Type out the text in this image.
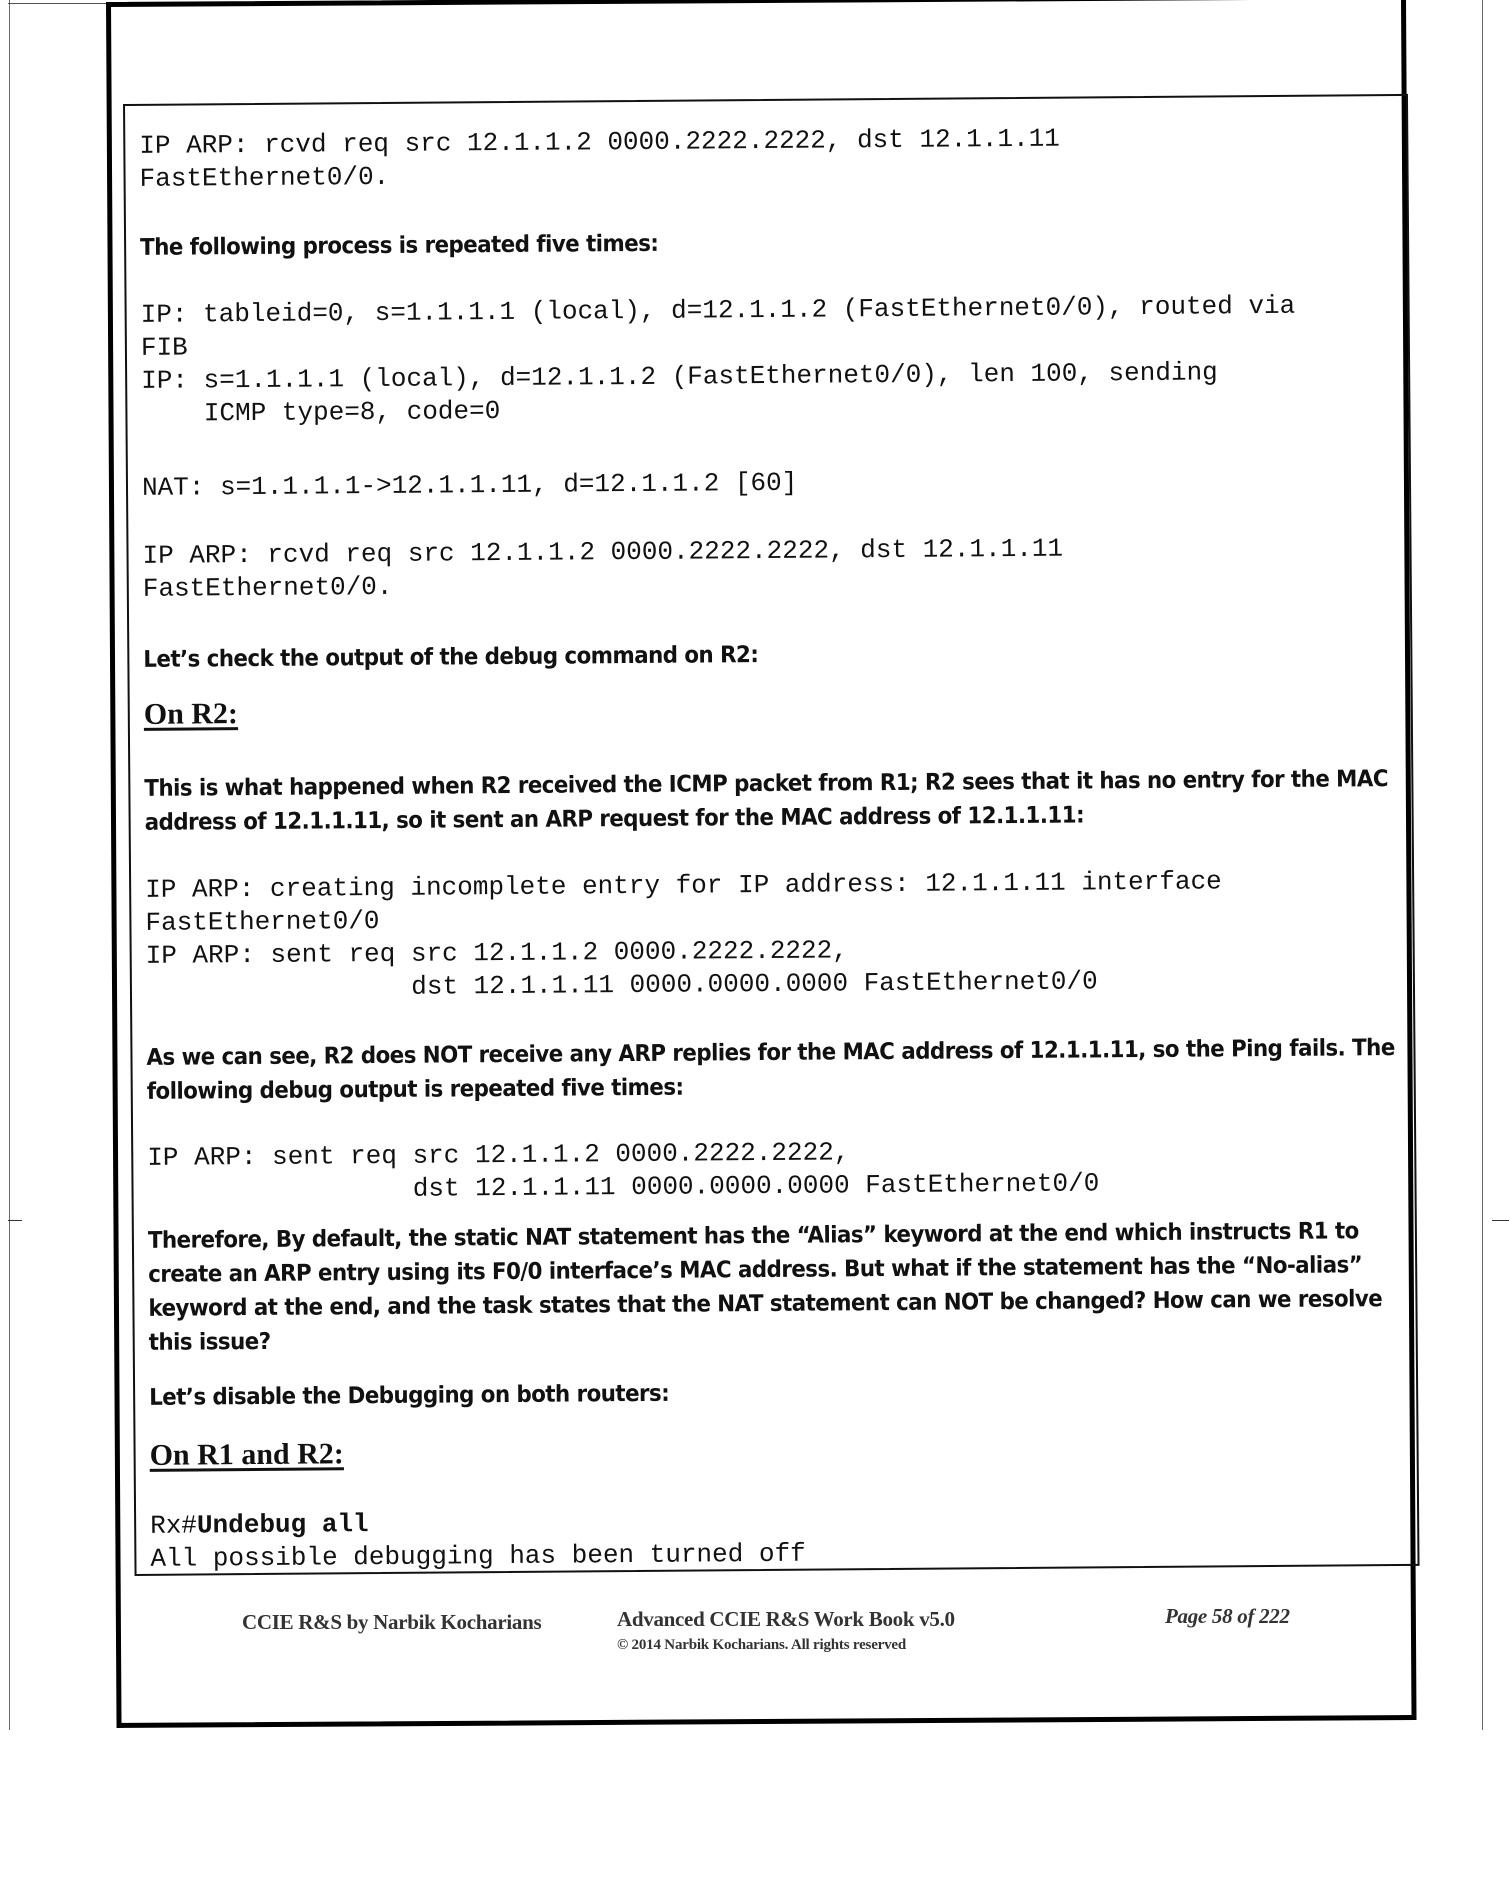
IP ARP: rcvd req src 12.1.1.2 0000.2222.2222, dst 12.1.1.11
FastEthernet0/0.

The following process is repeated five times:

IP: tableid=0, s=1.1.1.1 (local), d=12.1.1.2 (FastEthernet0/0), routed via
FIB
IP: s=1.1.1.1 (local), d=12.1.1.2 (FastEthernet0/0), len 100, sending
ICMP type=8, code=0
NAT: s=1.1.1.1->12.1.1.11, d=12.1.1.2 [60]
IP ARP: rcvd req src 12.1.1.2 0000.2222.2222, dst 12.1.1.11
FastEthernet0/0.

Let’s check the output of the debug command on R2:

On R2:

This is what happened when R2 received the ICMP packet from R1; R2 sees that it has no entry for the MAC address of 12.1.1.11, so it sent an ARP request for the MAC address of 12.1.1.11:

IP ARP: creating incomplete entry for IP address: 12.1.1.11 interface
FastEthernet0/0
IP ARP: sent req src 12.1.1.2 0000.2222.2222,
dst 12.1.1.11 0000.0000.0000 FastEthernet0/0

As we can see, R2 does NOT receive any ARP replies for the MAC address of 12.1.1.11, so the Ping fails. The following debug output is repeated five times:

IP ARP: sent req src 12.1.1.2 0000.2222.2222,
dst 12.1.1.11 0000.0000.0000 FastEthernet0/0

Therefore, By default, the static NAT statement has the “Alias” keyword at the end which instructs R1 to create an ARP entry using its F0/0 interface’s MAC address. But what if the statement has the “No-alias” keyword at the end, and the task states that the NAT statement can NOT be changed? How can we resolve this issue?

Let’s disable the Debugging on both routers:

On R1 and R2:
Rx#Undebug all
All possible debugging has been turned off
CCIE R&S by Narbik Kocharians	Advanced CCIE R&S Work Book v5.0
© 2014 Narbik Kocharians. All rights reserved
Page 58 of 222
